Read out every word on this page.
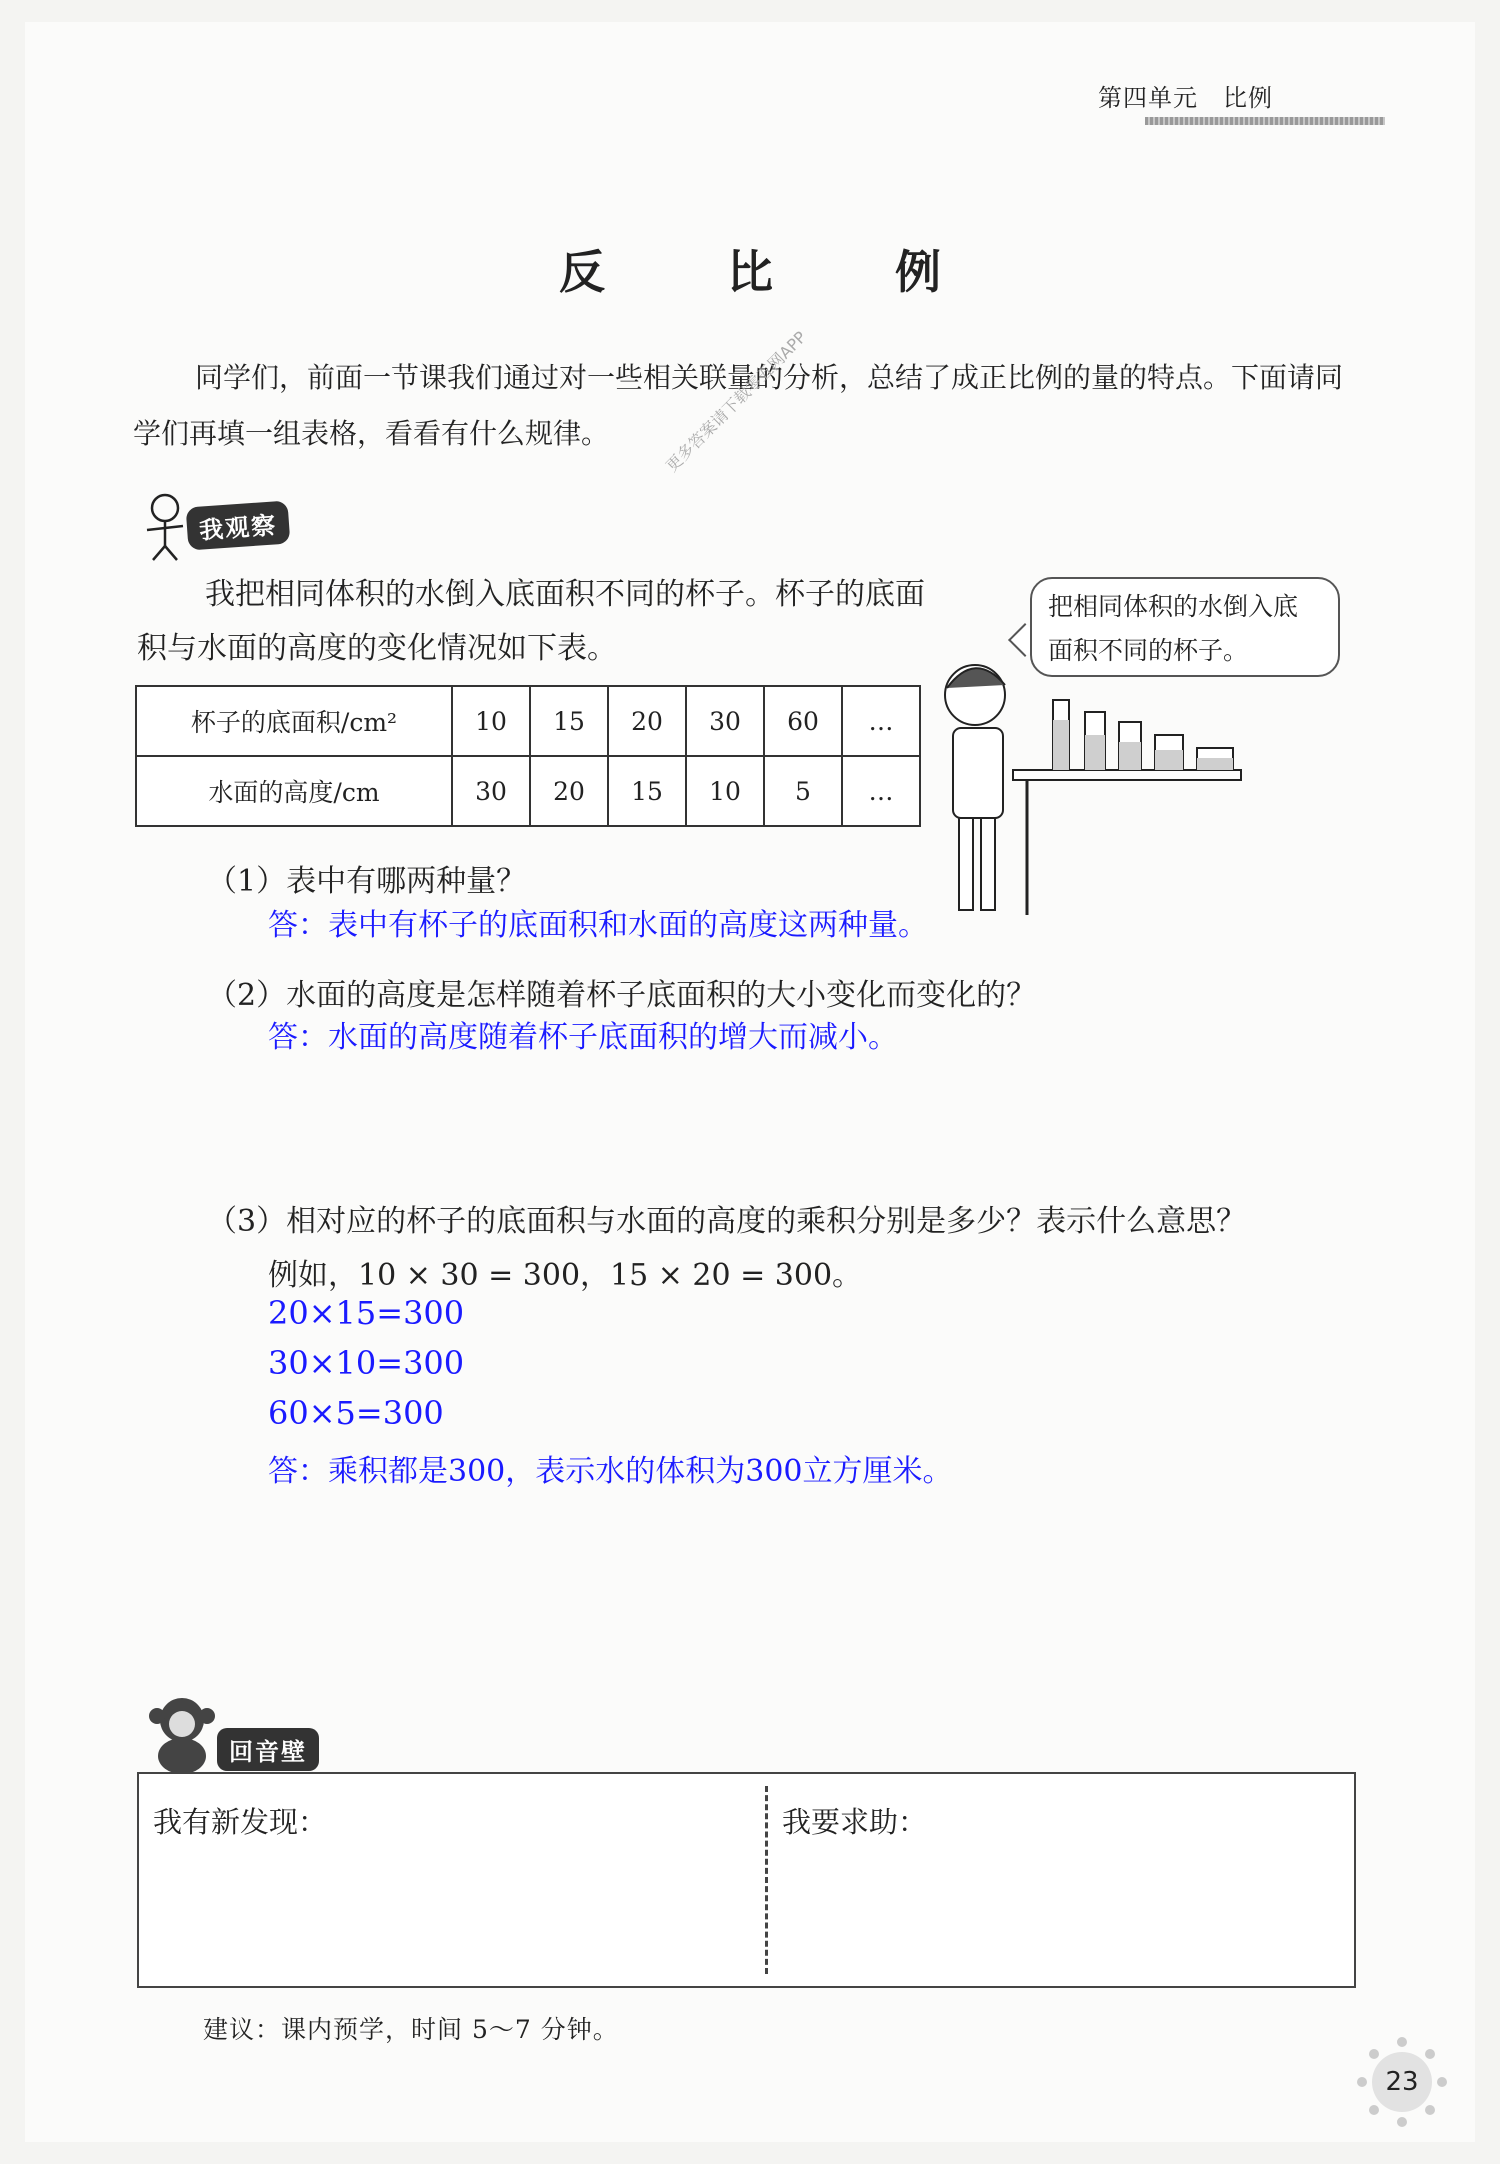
第四单元　比例
反　比　例
同学们，前面一节课我们通过对一些相关联量的分析，总结了成正比例的量的特点。下面请同学们再填一组表格，看看有什么规律。
我观察
更多答案请下载零五网APP
我把相同体积的水倒入底面积不同的杯子。杯子的底面积与水面的高度的变化情况如下表。
把相同体积的水倒入底面积不同的杯子。
杯子的底面积/cm²	10	15	20	30	60	…
水面的高度/cm	30	20	15	10	5	…
（1）表中有哪两种量？
答：表中有杯子的底面积和水面的高度这两种量。
（2）水面的高度是怎样随着杯子底面积的大小变化而变化的？
答：水面的高度随着杯子底面积的增大而减小。
（3）相对应的杯子的底面积与水面的高度的乘积分别是多少？表示什么意思？
例如，10 × 30 = 300，15 × 20 = 300。
20×15=300
30×10=300
60×5=300
答：乘积都是300，表示水的体积为300立方厘米。
回音壁
我有新发现：	我要求助：
建议：课内预学，时间 5～7 分钟。
23
